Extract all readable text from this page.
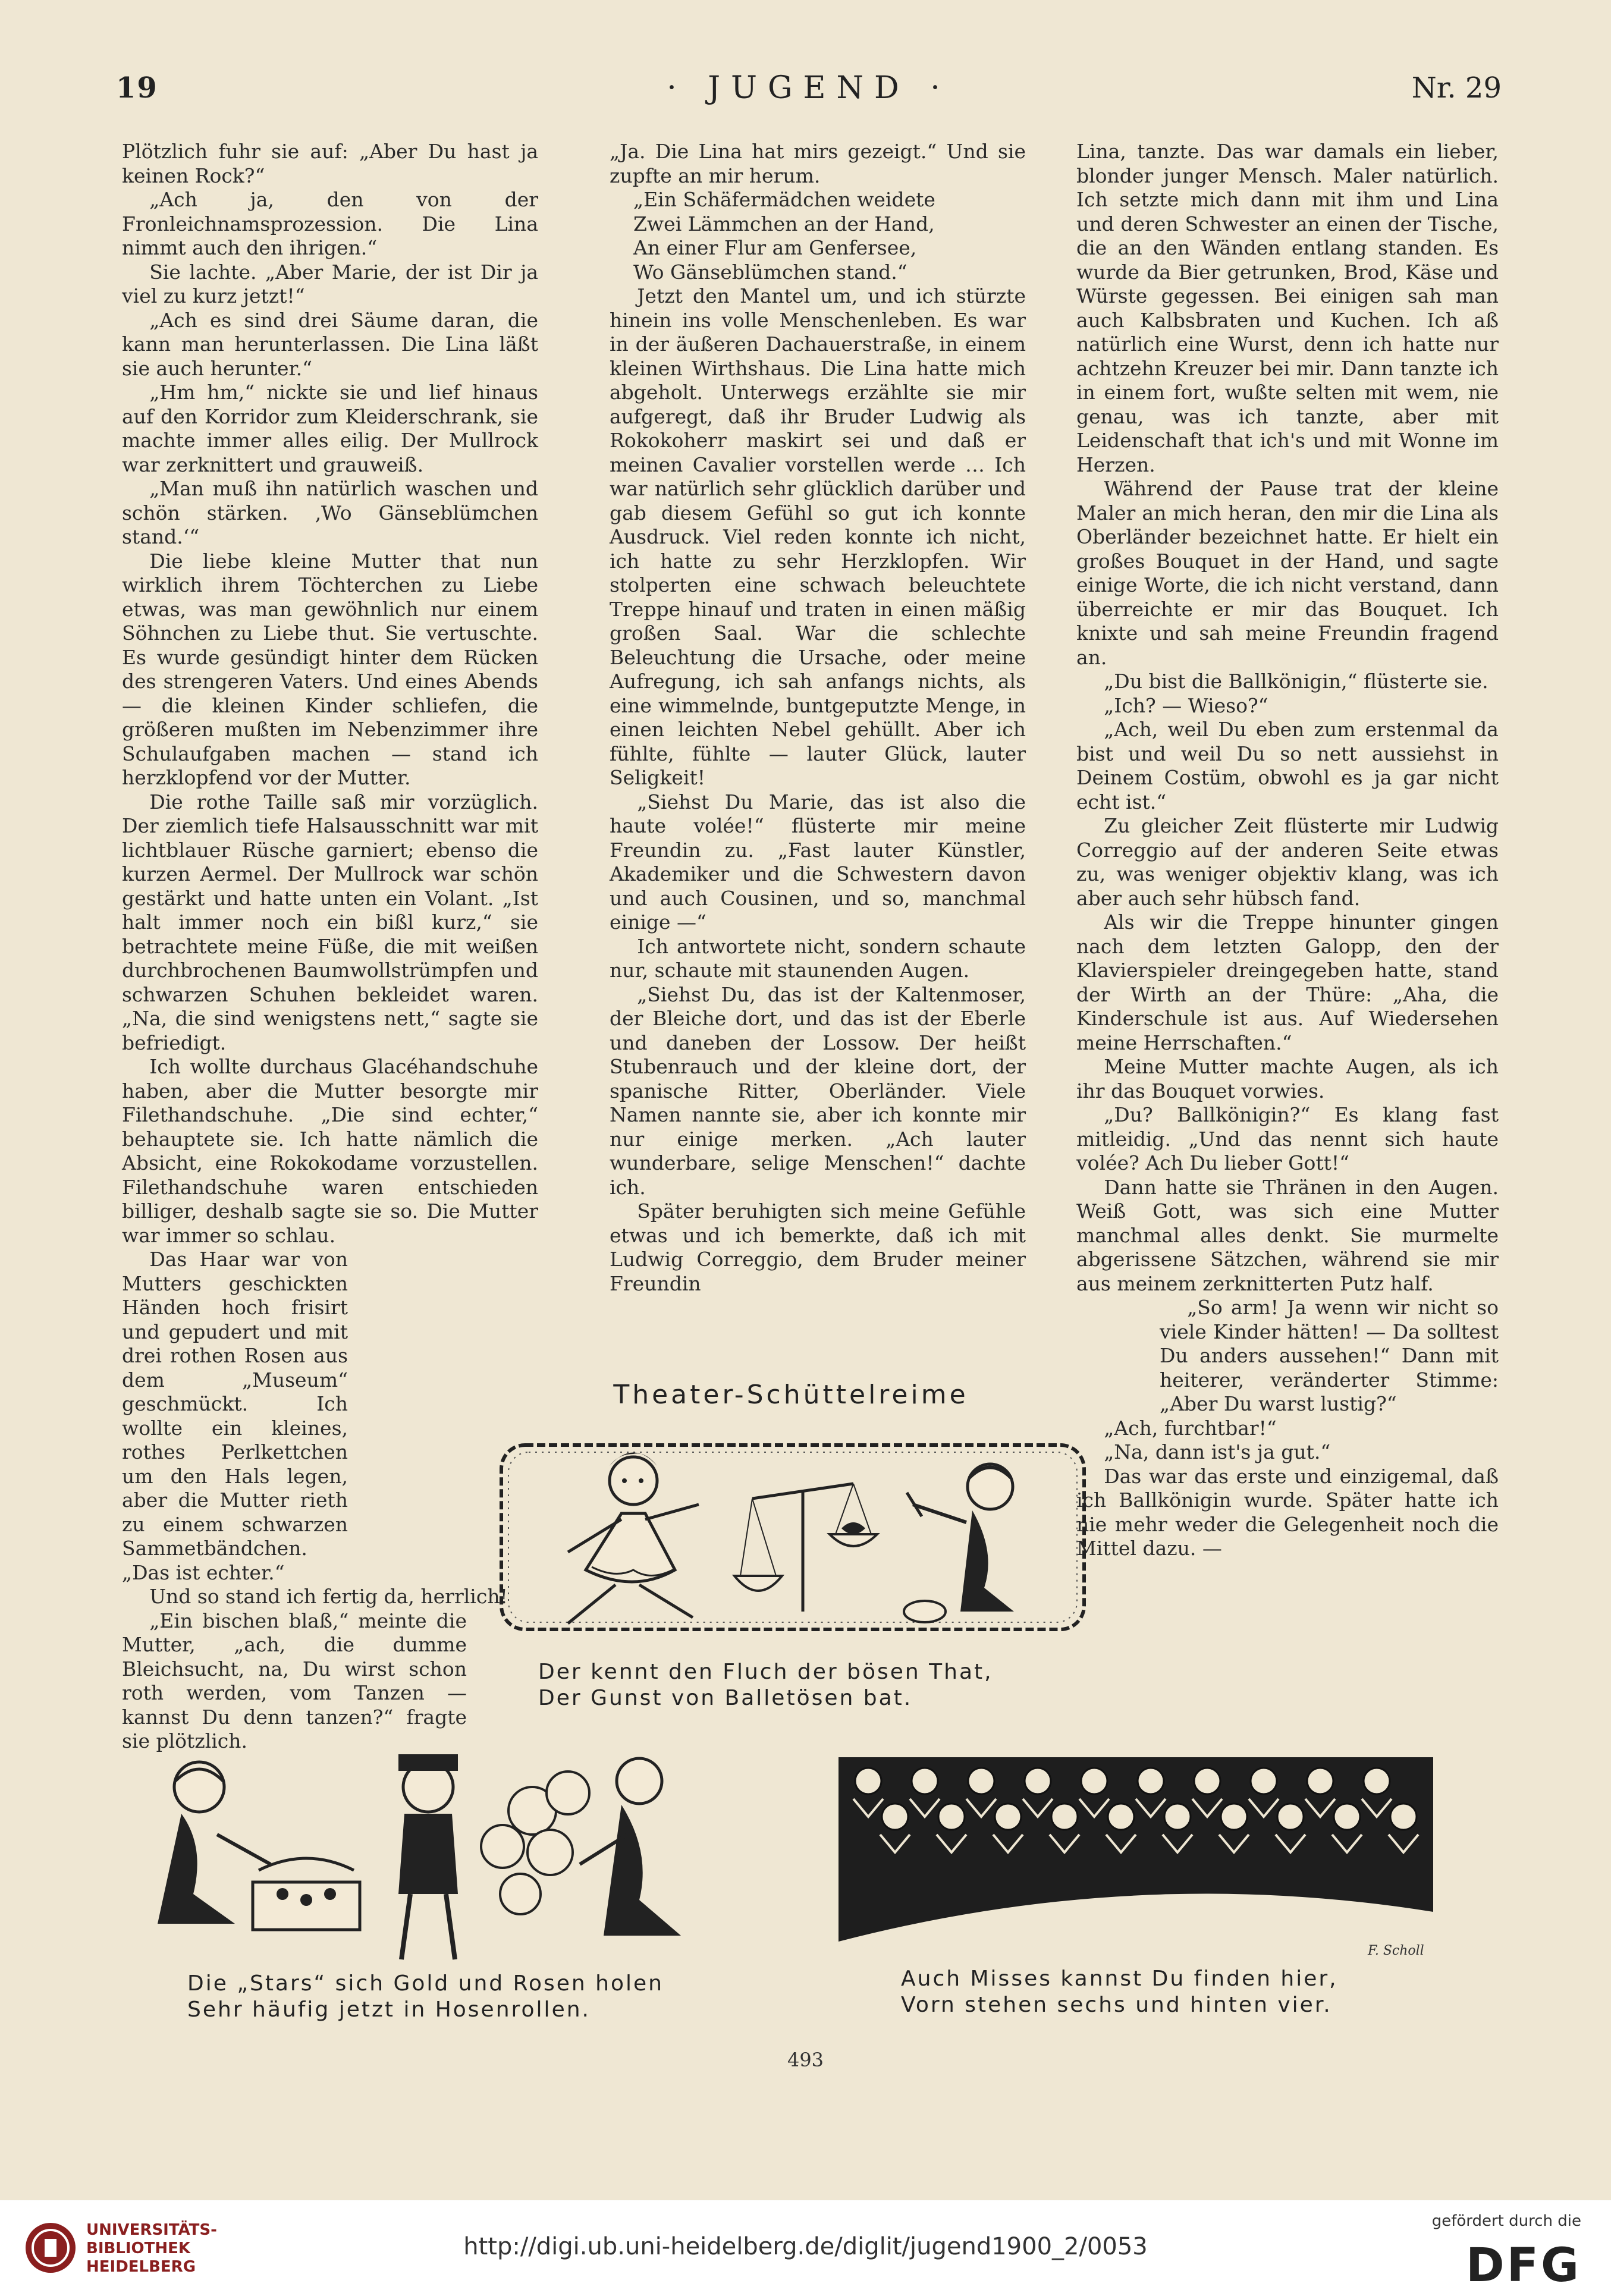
19	· JUGEND ·	Nr. 29

Plötzlich fuhr sie auf: „Aber Du hast ja keinen Rock?“

„Ach ja, den von der Fronleichnamsprozession. Die Lina nimmt auch den ihrigen.“

Sie lachte. „Aber Marie, der ist Dir ja viel zu kurz jetzt!“

„Ach es sind drei Säume daran, die kann man herunterlassen. Die Lina läßt sie auch herunter.“

„Hm hm,“ nickte sie und lief hinaus auf den Korridor zum Kleiderschrank, sie machte immer alles eilig. Der Mullrock war zerknittert und grauweiß.

„Man muß ihn natürlich waschen und schön stärken. ‚Wo Gänseblümchen stand.‘“

Die liebe kleine Mutter that nun wirklich ihrem Töchterchen zu Liebe etwas, was man gewöhnlich nur einem Söhnchen zu Liebe thut. Sie vertuschte. Es wurde gesündigt hinter dem Rücken des strengeren Vaters. Und eines Abends — die kleinen Kinder schliefen, die größeren mußten im Nebenzimmer ihre Schulaufgaben machen — stand ich herzklopfend vor der Mutter.

Die rothe Taille saß mir vorzüglich. Der ziemlich tiefe Halsausschnitt war mit lichtblauer Rüsche garniert; ebenso die kurzen Aermel. Der Mullrock war schön gestärkt und hatte unten ein Volant. „Ist halt immer noch ein bißl kurz,“ sie betrachtete meine Füße, die mit weißen durchbrochenen Baumwollstrümpfen und schwarzen Schuhen bekleidet waren. „Na, die sind wenigstens nett,“ sagte sie befriedigt.

Ich wollte durchaus Glacéhandschuhe haben, aber die Mutter besorgte mir Filethandschuhe. „Die sind echter,“ behauptete sie. Ich hatte nämlich die Absicht, eine Rokokodame vorzustellen. Filethandschuhe waren entschieden billiger, deshalb sagte sie so. Die Mutter war immer so schlau.

Das Haar war von Mutters geschickten Händen hoch frisirt und gepudert und mit drei rothen Rosen aus dem „Museum“ geschmückt. Ich wollte ein kleines, rothes Perlkettchen um den Hals legen, aber die Mutter rieth zu einem schwarzen Sammetbändchen. „Das ist echter.“

Und so stand ich fertig da, herrlich!

„Ein bischen blaß,“ meinte die Mutter, „ach, die dumme Bleichsucht, na, Du wirst schon roth werden, vom Tanzen — kannst Du denn tanzen?“ fragte sie plötzlich.

„Ja. Die Lina hat mirs gezeigt.“ Und sie zupfte an mir herum.

„Ein Schäfermädchen weidete

Zwei Lämmchen an der Hand,

An einer Flur am Genfersee,

Wo Gänseblümchen stand.“

Jetzt den Mantel um, und ich stürzte hinein ins volle Menschenleben. Es war in der äußeren Dachauerstraße, in einem kleinen Wirthshaus. Die Lina hatte mich abgeholt. Unterwegs erzählte sie mir aufgeregt, daß ihr Bruder Ludwig als Rokokoherr maskirt sei und daß er meinen Cavalier vorstellen werde … Ich war natürlich sehr glücklich darüber und gab diesem Gefühl so gut ich konnte Ausdruck. Viel reden konnte ich nicht, ich hatte zu sehr Herzklopfen. Wir stolperten eine schwach beleuchtete Treppe hinauf und traten in einen mäßig großen Saal. War die schlechte Beleuchtung die Ursache, oder meine Aufregung, ich sah anfangs nichts, als eine wimmelnde, buntgeputzte Menge, in einen leichten Nebel gehüllt. Aber ich fühlte, fühlte — lauter Glück, lauter Seligkeit!

„Siehst Du Marie, das ist also die haute volée!“ flüsterte mir meine Freundin zu. „Fast lauter Künstler, Akademiker und die Schwestern davon und auch Cousinen, und so, manchmal einige —“

Ich antwortete nicht, sondern schaute nur, schaute mit staunenden Augen.

„Siehst Du, das ist der Kaltenmoser, der Bleiche dort, und das ist der Eberle und daneben der Lossow. Der heißt Stubenrauch und der kleine dort, der spanische Ritter, Oberländer. Viele Namen nannte sie, aber ich konnte mir nur einige merken. „Ach lauter wunderbare, selige Menschen!“ dachte ich.

Später beruhigten sich meine Gefühle etwas und ich bemerkte, daß ich mit Ludwig Correggio, dem Bruder meiner Freundin

Lina, tanzte. Das war damals ein lieber, blonder junger Mensch. Maler natürlich. Ich setzte mich dann mit ihm und Lina und deren Schwester an einen der Tische, die an den Wänden entlang standen. Es wurde da Bier getrunken, Brod, Käse und Würste gegessen. Bei einigen sah man auch Kalbsbraten und Kuchen. Ich aß natürlich eine Wurst, denn ich hatte nur achtzehn Kreuzer bei mir. Dann tanzte ich in einem fort, wußte selten mit wem, nie genau, was ich tanzte, aber mit Leidenschaft that ich's und mit Wonne im Herzen.

Während der Pause trat der kleine Maler an mich heran, den mir die Lina als Oberländer bezeichnet hatte. Er hielt ein großes Bouquet in der Hand, und sagte einige Worte, die ich nicht verstand, dann überreichte er mir das Bouquet. Ich knixte und sah meine Freundin fragend an.

„Du bist die Ballkönigin,“ flüsterte sie.

„Ich? — Wieso?“

„Ach, weil Du eben zum erstenmal da bist und weil Du so nett aussiehst in Deinem Costüm, obwohl es ja gar nicht echt ist.“

Zu gleicher Zeit flüsterte mir Ludwig Correggio auf der anderen Seite etwas zu, was weniger objektiv klang, was ich aber auch sehr hübsch fand.

Als wir die Treppe hinunter gingen nach dem letzten Galopp, den der Klavierspieler dreingegeben hatte, stand der Wirth an der Thüre: „Aha, die Kinderschule ist aus. Auf Wiedersehen meine Herrschaften.“

Meine Mutter machte Augen, als ich ihr das Bouquet vorwies.

„Du? Ballkönigin?“ Es klang fast mitleidig. „Und das nennt sich haute volée? Ach Du lieber Gott!“

Dann hatte sie Thränen in den Augen. Weiß Gott, was sich eine Mutter manchmal alles denkt. Sie murmelte abgerissene Sätzchen, während sie mir aus meinem zerknitterten Putz half.

„So arm! Ja wenn wir nicht so viele Kinder hätten! — Da solltest Du anders aussehen!“ Dann mit heiterer, veränderter Stimme: „Aber Du warst lustig?“

„Ach, furchtbar!“

„Na, dann ist's ja gut.“

Das war das erste und einzigemal, daß ich Ballkönigin wurde. Später hatte ich nie mehr weder die Gelegenheit noch die Mittel dazu. —

Theater-Schüttelreime
Der kennt den Fluch der bösen That,
Der Gunst von Balletösen bat.
Die „Stars“ sich Gold und Rosen holen
Sehr häufig jetzt in Hosenrollen.
F. Scholl
Auch Misses kannst Du finden hier,
Vorn stehen sechs und hinten vier.
493
UNIVERSITÄTS-
BIBLIOTHEK
HEIDELBERG
http://digi.ub.uni-heidelberg.de/diglit/jugend1900_2/0053
gefördert durch die
DFG
